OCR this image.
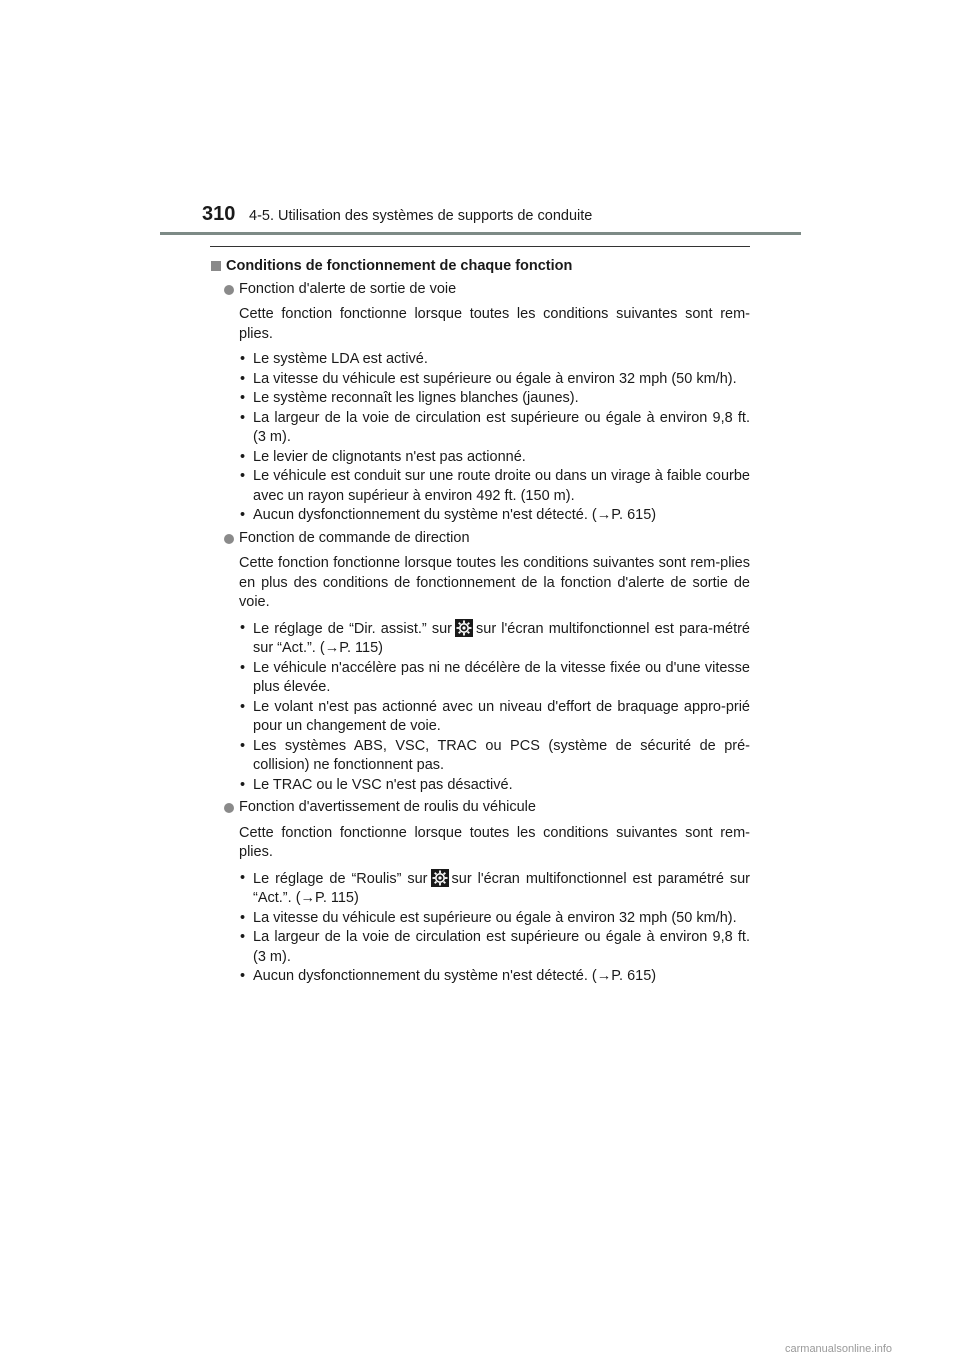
310 4-5. Utilisation des systèmes de supports de conduite
Conditions de fonctionnement de chaque fonction
Fonction d'alerte de sortie de voie
Cette fonction fonctionne lorsque toutes les conditions suivantes sont rem-plies.
• Le système LDA est activé.
• La vitesse du véhicule est supérieure ou égale à environ 32 mph (50 km/h).
• Le système reconnaît les lignes blanches (jaunes).
• La largeur de la voie de circulation est supérieure ou égale à environ 9,8 ft. (3 m).
• Le levier de clignotants n'est pas actionné.
• Le véhicule est conduit sur une route droite ou dans un virage à faible courbe avec un rayon supérieur à environ 492 ft. (150 m).
• Aucun dysfonctionnement du système n'est détecté. (→P. 615)
Fonction de commande de direction
Cette fonction fonctionne lorsque toutes les conditions suivantes sont rem-plies en plus des conditions de fonctionnement de la fonction d'alerte de sortie de voie.
• Le réglage de “Dir. assist.” sur sur l'écran multifonctionnel est para-métré sur “Act.”. (→P. 115)
• Le véhicule n'accélère pas ni ne décélère de la vitesse fixée ou d'une vitesse plus élevée.
• Le volant n'est pas actionné avec un niveau d'effort de braquage appro-prié pour un changement de voie.
• Les systèmes ABS, VSC, TRAC ou PCS (système de sécurité de pré-collision) ne fonctionnent pas.
• Le TRAC ou le VSC n'est pas désactivé.
Fonction d'avertissement de roulis du véhicule
Cette fonction fonctionne lorsque toutes les conditions suivantes sont rem-plies.
• Le réglage de “Roulis” sur sur l'écran multifonctionnel est paramétré sur “Act.”. (→P. 115)
• La vitesse du véhicule est supérieure ou égale à environ 32 mph (50 km/h).
• La largeur de la voie de circulation est supérieure ou égale à environ 9,8 ft. (3 m).
• Aucun dysfonctionnement du système n'est détecté. (→P. 615)
carmanualsonline.info
